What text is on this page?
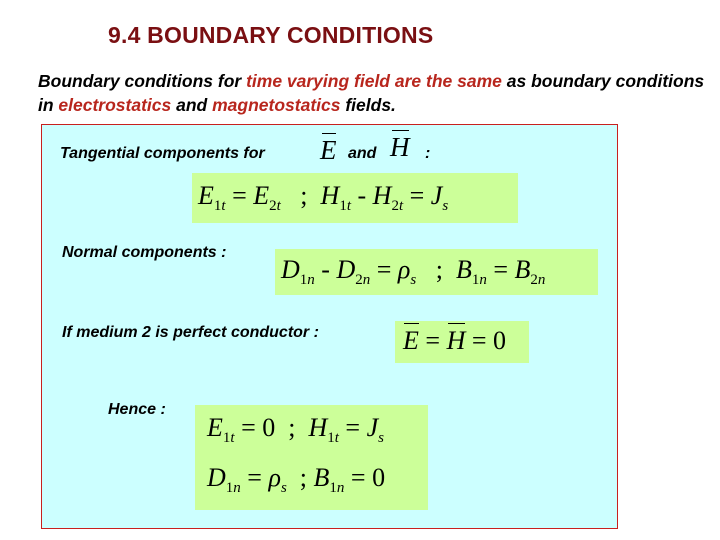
9.4 BOUNDARY CONDITIONS
Boundary conditions for time varying field are the same as boundary conditions in electrostatics and magnetostatics fields.
Tangential components for E and H :
$E_{1t} = E_{2t}$   ;  $H_{1t} - H_{2t} = J_s$
Normal components :
$D_{1n} - D_{2n} = \rho_s$   ;  $B_{1n} = B_{2n}$
If medium 2 is perfect conductor :	E = H = 0
Hence :
$E_{1t} = 0$  ;  $H_{1t} = J_s$
$D_{1n} = \rho_s$  ; $B_{1n} = 0$
